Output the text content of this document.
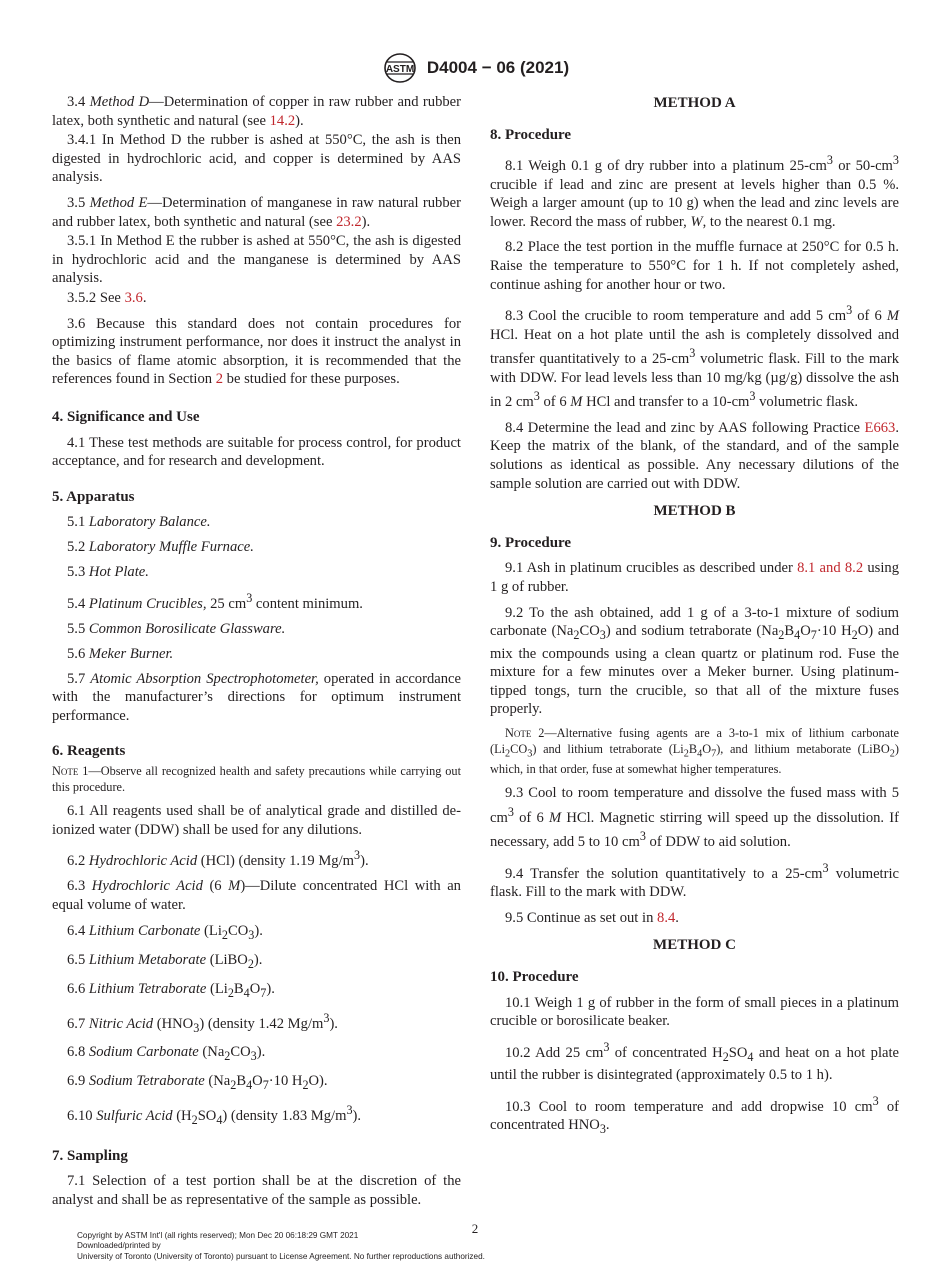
ASTM D4004 − 06 (2021)

3.4 Method D—Determination of copper in raw rubber and rubber latex, both synthetic and natural (see 14.2).

3.4.1 In Method D the rubber is ashed at 550°C, the ash is then digested in hydrochloric acid, and copper is determined by AAS analysis.

3.5 Method E—Determination of manganese in raw natural rubber and rubber latex, both synthetic and natural (see 23.2).

3.5.1 In Method E the rubber is ashed at 550°C, the ash is digested in hydrochloric acid and the manganese is determined by AAS analysis.

3.5.2 See 3.6.

3.6 Because this standard does not contain procedures for optimizing instrument performance, nor does it instruct the analyst in the basics of flame atomic absorption, it is recommended that the references found in Section 2 be studied for these purposes.

4. Significance and Use

4.1 These test methods are suitable for process control, for product acceptance, and for research and development.

5. Apparatus
5.1 Laboratory Balance.
5.2 Laboratory Muffle Furnace.
5.3 Hot Plate.
5.4 Platinum Crucibles, 25 $cm^3$ content minimum.
5.5 Common Borosilicate Glassware.
5.6 Meker Burner.

5.7 Atomic Absorption Spectrophotometer, operated in accordance with the manufacturer’s directions for optimum instrument performance.

6. Reagents
Note 1—Observe all recognized health and safety precautions while carrying out this procedure.

6.1 All reagents used shall be of analytical grade and distilled de-ionized water (DDW) shall be used for any dilutions.

6.2 Hydrochloric Acid (HCl) (density 1.19 $Mg/m^3$).

6.3 Hydrochloric Acid (6 M)—Dilute concentrated HCl with an equal volume of water.

6.4 Lithium Carbonate $(Li_2CO_3)$.
6.5 Lithium Metaborate (LiBO$_2$).
6.6 Lithium Tetraborate $(Li_2B_4O_7)$.
6.7 Nitric Acid $(HNO_3)$ (density 1.42 $Mg/m^3$).
6.8 Sodium Carbonate $(Na_2CO_3)$.
6.9 Sodium Tetraborate ($Na_2B_4O_7\cdot 10$ $H_2O$).
6.10 Sulfuric Acid $(H_2SO_4)$ (density 1.83 $Mg/m^3$).
7. Sampling

7.1 Selection of a test portion shall be at the discretion of the analyst and shall be as representative of the sample as possible.

METHOD A
8. Procedure

8.1 Weigh 0.1 g of dry rubber into a platinum $25-cm^3$ or $50-cm^3$ crucible if lead and zinc are present at levels higher than 0.5 %. Weigh a larger amount (up to 10 g) when the lead and zinc levels are lower. Record the mass of rubber, W, to the nearest 0.1 mg.

8.2 Place the test portion in the muffle furnace at 250°C for 0.5 h. Raise the temperature to 550°C for 1 h. If not completely ashed, continue ashing for another hour or two.

8.3 Cool the crucible to room temperature and add 5 $cm^3$ of 6 M HCl. Heat on a hot plate until the ash is completely dissolved and transfer quantitatively to a $25-cm^3$ volumetric flask. Fill to the mark with DDW. For lead levels less than 10 mg/kg (µg/g) dissolve the ash in 2 $cm^3$ of 6 M HCl and transfer to a $10-cm^3$ volumetric flask.

8.4 Determine the lead and zinc by AAS following Practice E663. Keep the matrix of the blank, of the standard, and of the sample solutions as identical as possible. Any necessary dilutions of the sample solution are carried out with DDW.

METHOD B
9. Procedure

9.1 Ash in platinum crucibles as described under 8.1 and 8.2 using 1 g of rubber.

9.2 To the ash obtained, add 1 g of a 3-to-1 mixture of sodium carbonate $(Na_2CO_3)$ and sodium tetraborate ($Na_2B_4O_7\cdot 10$ $H_2O$) and mix the compounds using a clean quartz or platinum rod. Fuse the mixture for a few minutes over a Meker burner. Using platinum-tipped tongs, turn the crucible, so that all of the mixture fuses properly.

Note 2—Alternative fusing agents are a 3-to-1 mix of lithium carbonate $(Li_2CO_3)$ and lithium tetraborate $(Li_2B_4O_7)$, and lithium metaborate (LiBO$_2$) which, in that order, fuse at somewhat higher temperatures.

9.3 Cool to room temperature and dissolve the fused mass with 5 $cm^3$ of 6 M HCl. Magnetic stirring will speed up the dissolution. If necessary, add 5 to 10 $cm^3$ of DDW to aid solution.

9.4 Transfer the solution quantitatively to a $25-cm^3$ volumetric flask. Fill to the mark with DDW.

9.5 Continue as set out in 8.4.

METHOD C
10. Procedure

10.1 Weigh 1 g of rubber in the form of small pieces in a platinum crucible or borosilicate beaker.

10.2 Add 25 $cm^3$ of concentrated $H_2SO_4$ and heat on a hot plate until the rubber is disintegrated (approximately 0.5 to 1 h).

10.3 Cool to room temperature and add dropwise 10 $cm^3$ of concentrated $HNO_3$.

2
Copyright by ASTM Int'l (all rights reserved); Mon Dec 20 06:18:29 GMT 2021
Downloaded/printed by
University of Toronto (University of Toronto) pursuant to License Agreement. No further reproductions authorized.
